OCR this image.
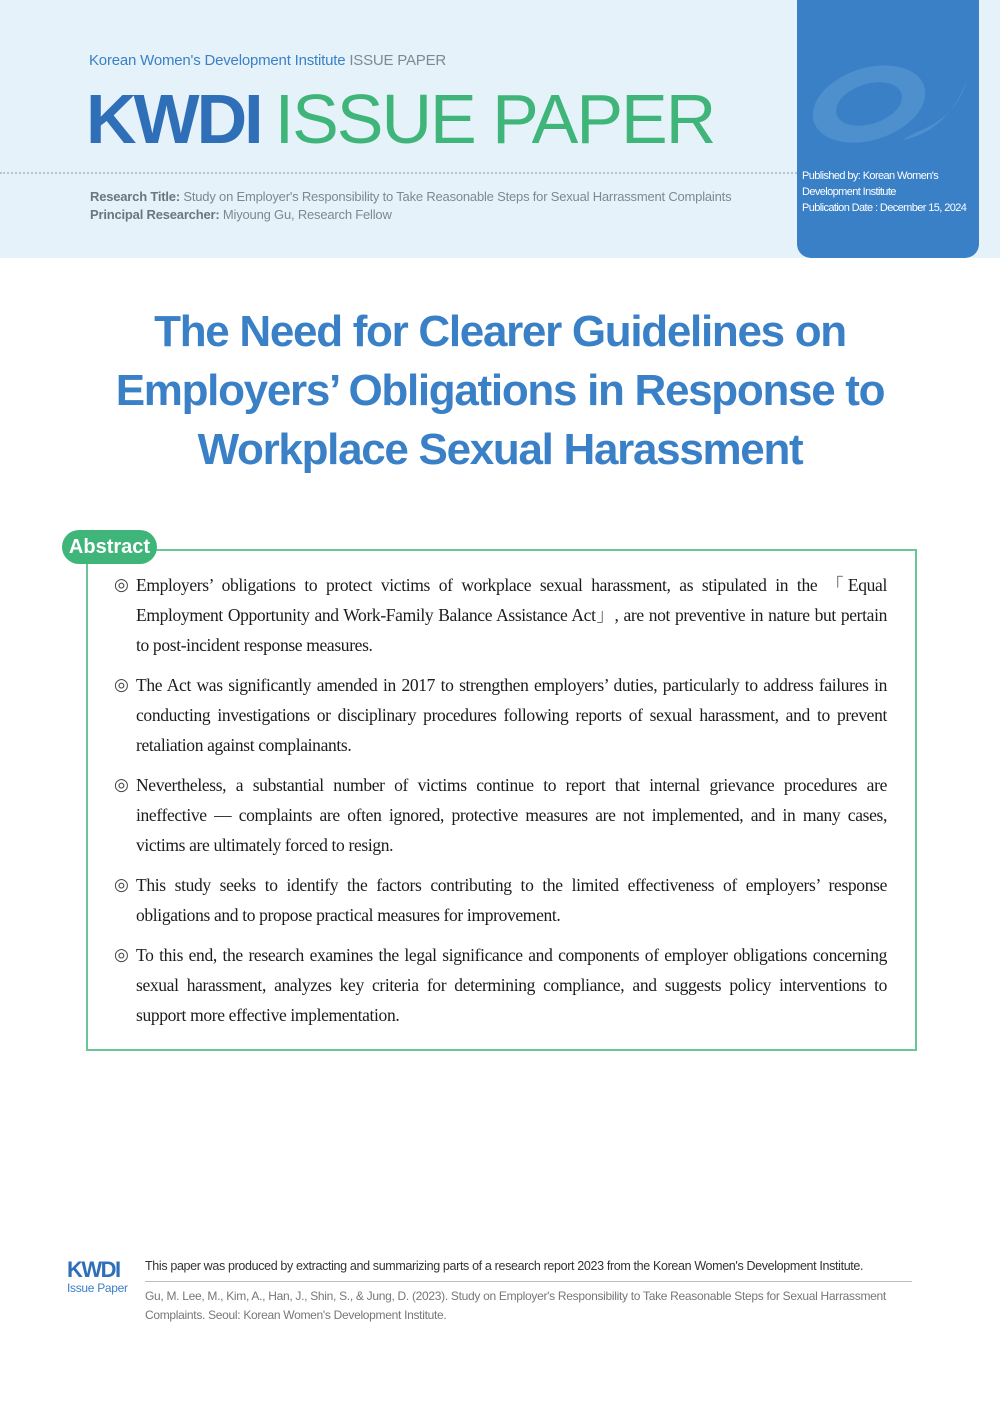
Korean Women's Development Institute ISSUE PAPER
KWDI ISSUE PAPER
Research Title: Study on Employer's Responsibility to Take Reasonable Steps for Sexual Harrassment Complaints
Principal Researcher: Miyoung Gu, Research Fellow
Published by: Korean Women's
Development Institute
Publication Date : December 15, 2024
The Need for Clearer Guidelines on
Employers’ Obligations in Response to
Workplace Sexual Harassment
Abstract
◎ Employers’ obligations to protect victims of workplace sexual harassment, as stipulated in the 「Equal Employment Opportunity and Work-Family Balance Assistance Act」, are not preventive in nature but pertain to post-incident response measures.
◎ The Act was significantly amended in 2017 to strengthen employers’ duties, particularly to address failures in conducting investigations or disciplinary procedures following reports of sexual harassment, and to prevent retaliation against complainants.
◎ Nevertheless, a substantial number of victims continue to report that internal grievance procedures are ineffective — complaints are often ignored, protective measures are not implemented, and in many cases, victims are ultimately forced to resign.
◎ This study seeks to identify the factors contributing to the limited effectiveness of employers’ response obligations and to propose practical measures for improvement.
◎ To this end, the research examines the legal significance and components of employer obligations concerning sexual harassment, analyzes key criteria for determining compliance, and suggests policy interventions to support more effective implementation.
KWDI
Issue Paper
This paper was produced by extracting and summarizing parts of a research report 2023 from the Korean Women's Development Institute.
Gu, M. Lee, M., Kim, A., Han, J., Shin, S., & Jung, D. (2023). Study on Employer's Responsibility to Take Reasonable Steps for Sexual Harrassment Complaints. Seoul: Korean Women's Development Institute.
